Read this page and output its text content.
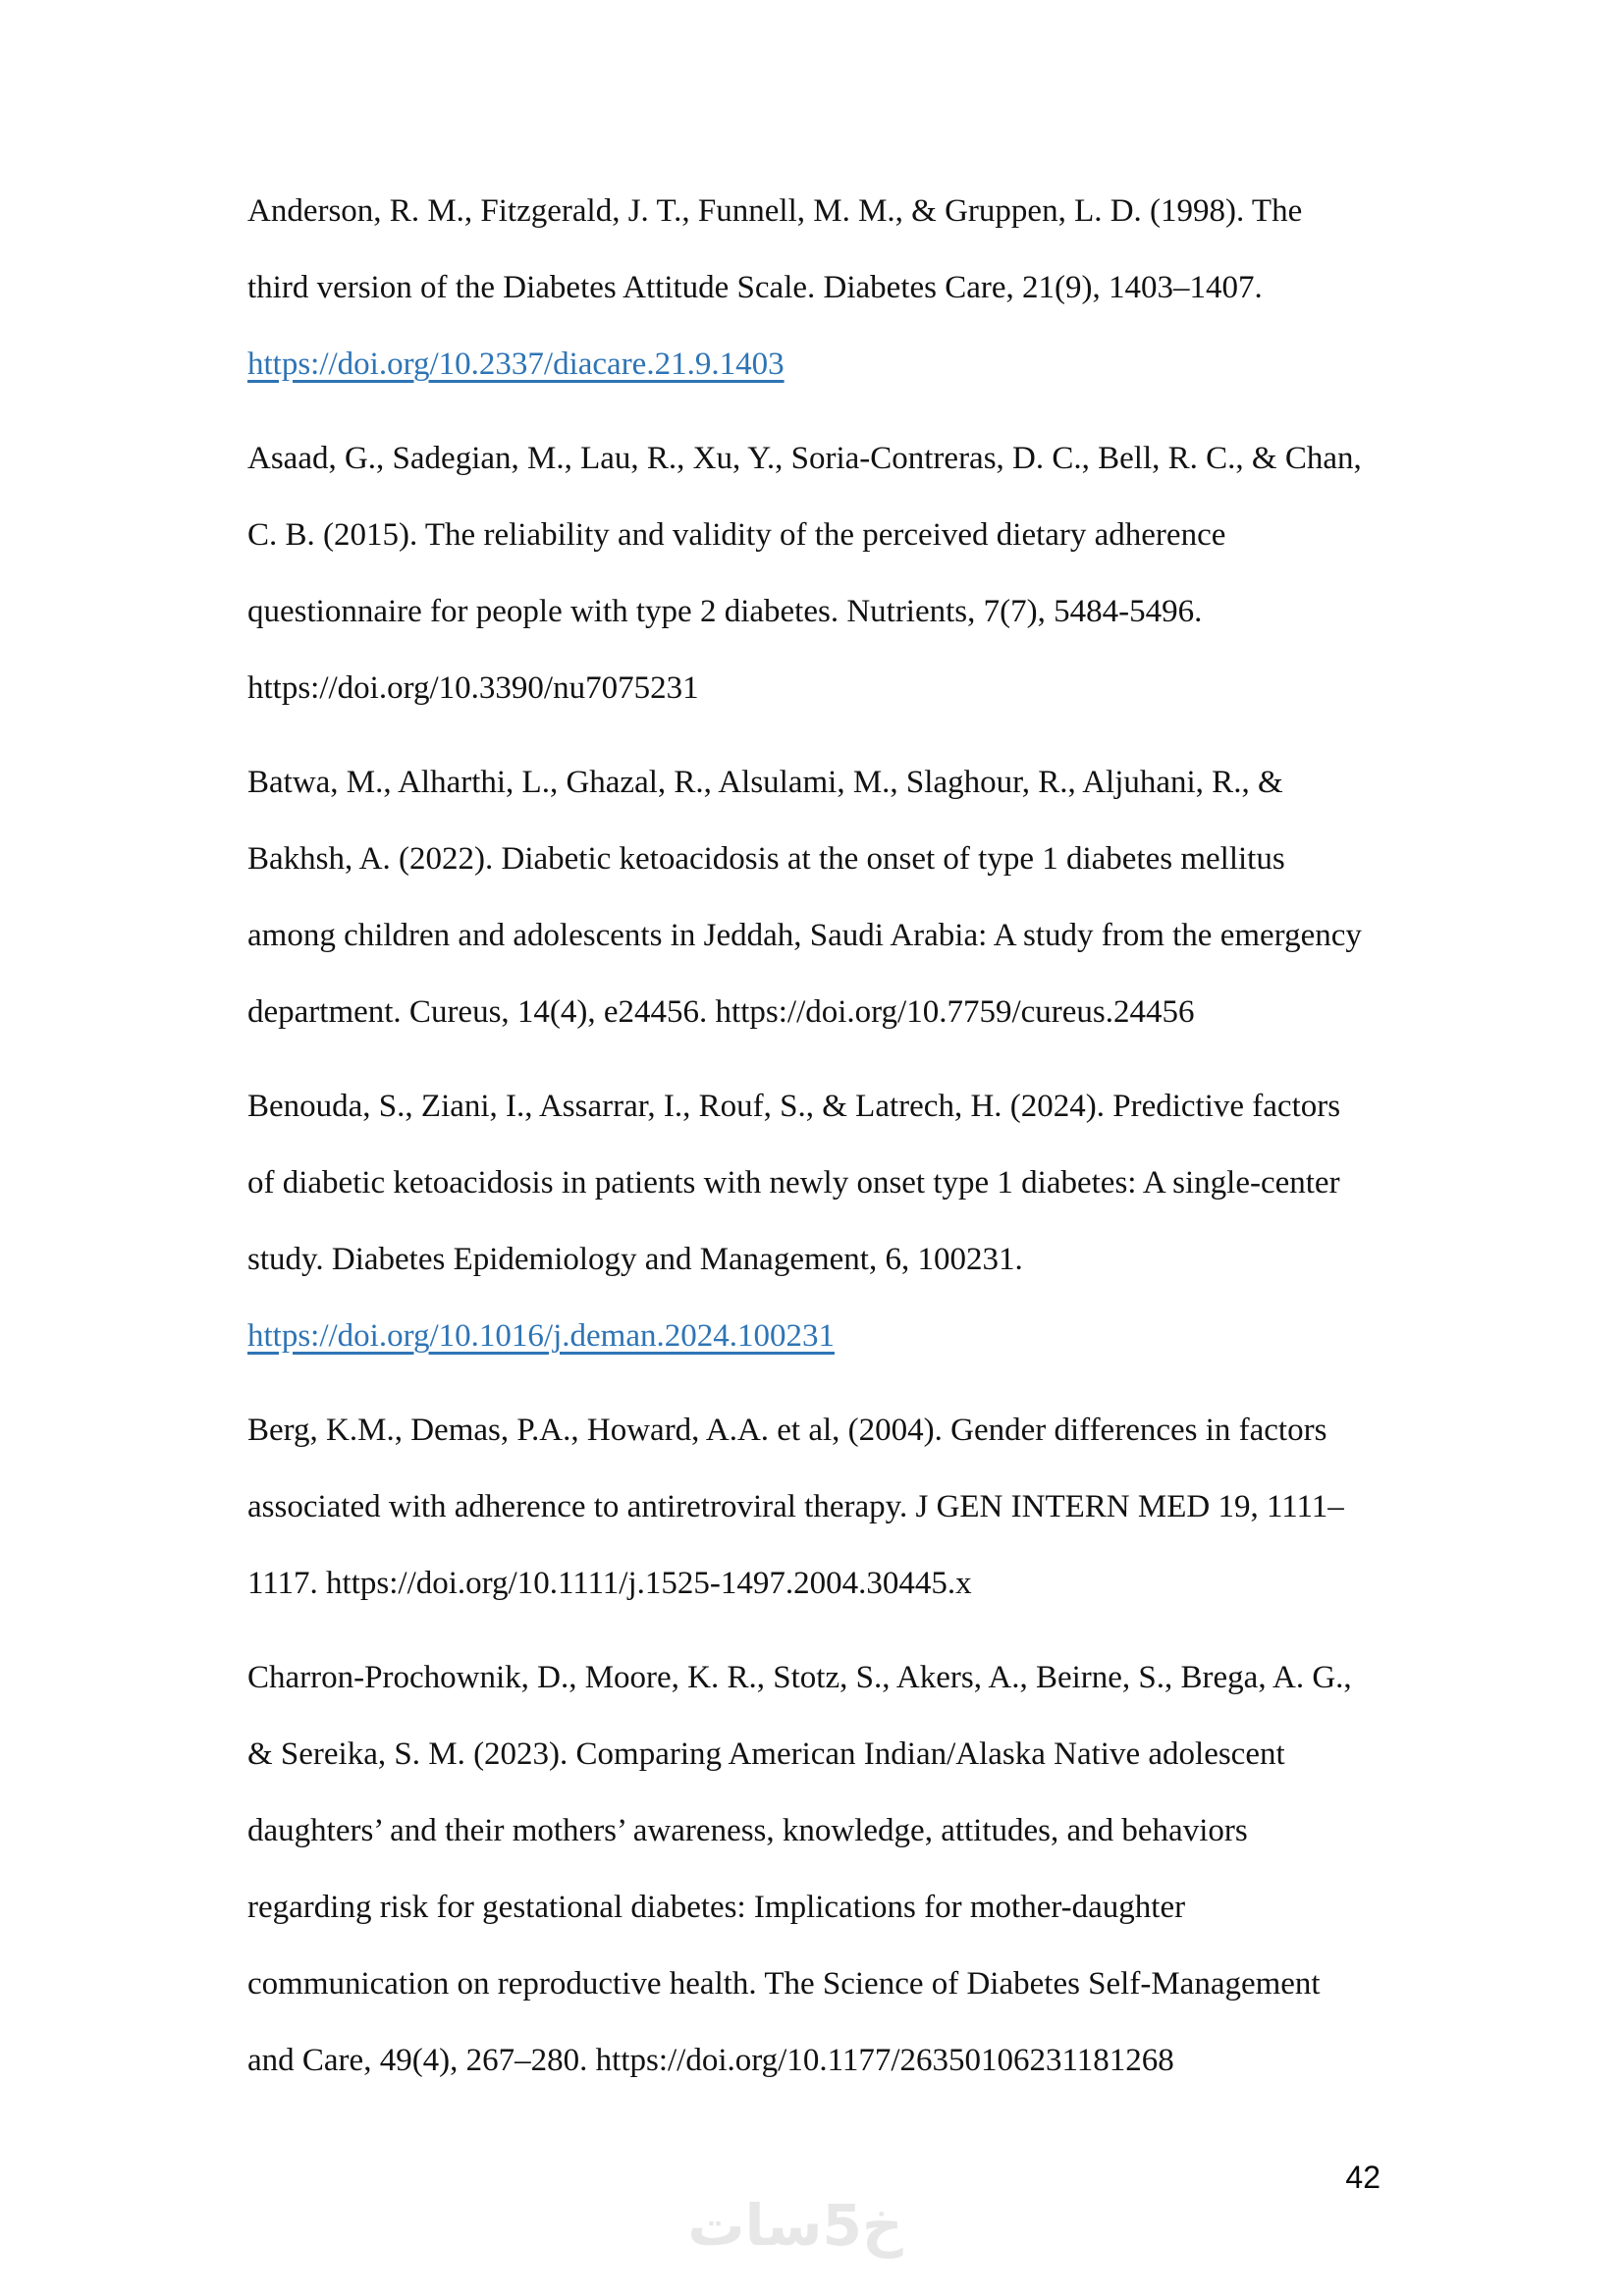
Anderson, R. M., Fitzgerald, J. T., Funnell, M. M., & Gruppen, L. D. (1998). The
third version of the Diabetes Attitude Scale. Diabetes Care, 21(9), 1403–1407.
https://doi.org/10.2337/diacare.21.9.1403
Asaad, G., Sadegian, M., Lau, R., Xu, Y., Soria-Contreras, D. C., Bell, R. C., & Chan,
C. B. (2015). The reliability and validity of the perceived dietary adherence
questionnaire for people with type 2 diabetes. Nutrients, 7(7), 5484-5496.
https://doi.org/10.3390/nu7075231
Batwa, M., Alharthi, L., Ghazal, R., Alsulami, M., Slaghour, R., Aljuhani, R., &
Bakhsh, A. (2022). Diabetic ketoacidosis at the onset of type 1 diabetes mellitus
among children and adolescents in Jeddah, Saudi Arabia: A study from the emergency
department. Cureus, 14(4), e24456. https://doi.org/10.7759/cureus.24456
Benouda, S., Ziani, I., Assarrar, I., Rouf, S., & Latrech, H. (2024). Predictive factors
of diabetic ketoacidosis in patients with newly onset type 1 diabetes: A single-center
study. Diabetes Epidemiology and Management, 6, 100231.
https://doi.org/10.1016/j.deman.2024.100231
Berg, K.M., Demas, P.A., Howard, A.A. et al, (2004). Gender differences in factors
associated with adherence to antiretroviral therapy. J GEN INTERN MED 19, 1111–
1117. https://doi.org/10.1111/j.1525-1497.2004.30445.x
Charron-Prochownik, D., Moore, K. R., Stotz, S., Akers, A., Beirne, S., Brega, A. G.,
& Sereika, S. M. (2023). Comparing American Indian/Alaska Native adolescent
daughters’ and their mothers’ awareness, knowledge, attitudes, and behaviors
regarding risk for gestational diabetes: Implications for mother-daughter
communication on reproductive health. The Science of Diabetes Self-Management
and Care, 49(4), 267–280. https://doi.org/10.1177/26350106231181268
42
خ5سات
